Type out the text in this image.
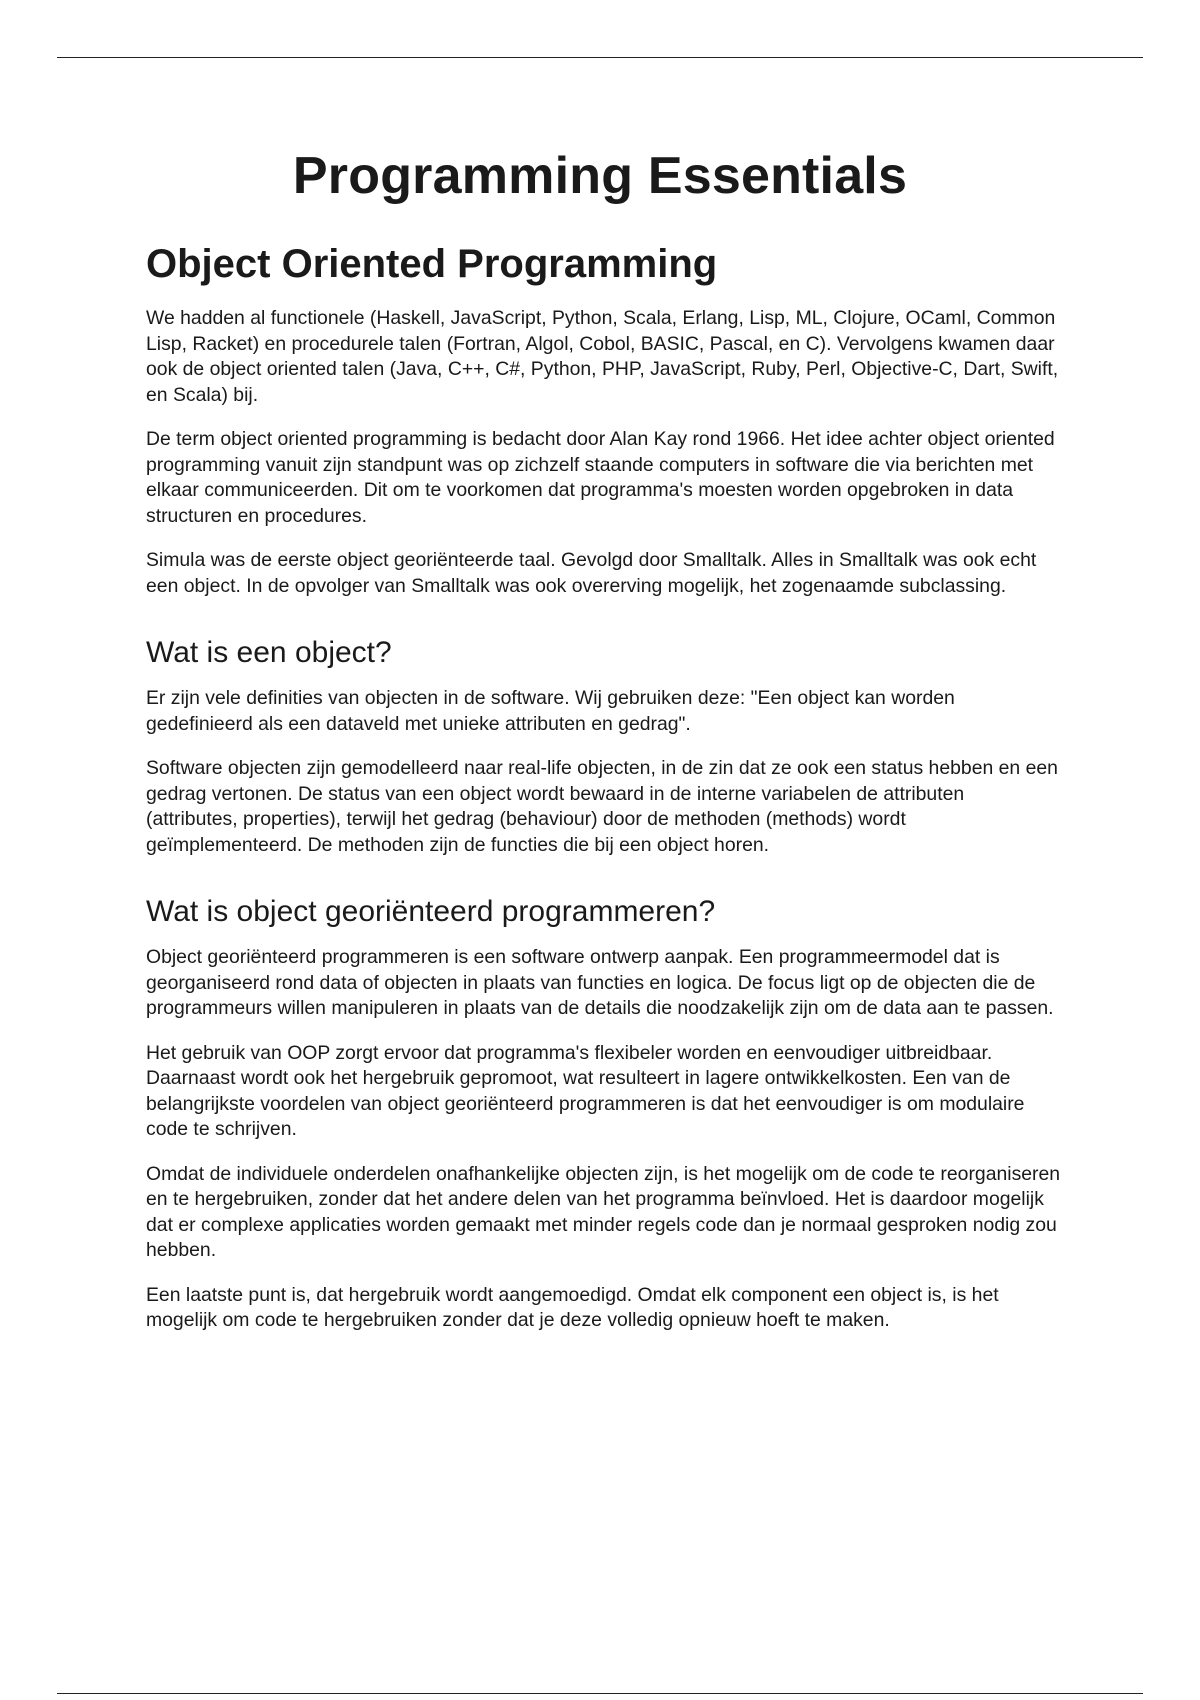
Programming Essentials
Object Oriented Programming

We hadden al functionele (Haskell, JavaScript, Python, Scala, Erlang, Lisp, ML, Clojure, OCaml, Common Lisp, Racket) en procedurele talen (Fortran, Algol, Cobol, BASIC, Pascal, en C). Vervolgens kwamen daar ook de object oriented talen (Java, C++, C#, Python, PHP, JavaScript, Ruby, Perl, Objective-C, Dart, Swift, en Scala) bij.

De term object oriented programming is bedacht door Alan Kay rond 1966. Het idee achter object oriented programming vanuit zijn standpunt was op zichzelf staande computers in software die via berichten met elkaar communiceerden. Dit om te voorkomen dat programma's moesten worden opgebroken in data structuren en procedures.

Simula was de eerste object georiënteerde taal. Gevolgd door Smalltalk. Alles in Smalltalk was ook echt een object. In de opvolger van Smalltalk was ook overerving mogelijk, het zogenaamde subclassing.

Wat is een object?

Er zijn vele definities van objecten in de software. Wij gebruiken deze: "Een object kan worden gedefinieerd als een dataveld met unieke attributen en gedrag".

Software objecten zijn gemodelleerd naar real-life objecten, in de zin dat ze ook een status hebben en een gedrag vertonen. De status van een object wordt bewaard in de interne variabelen de attributen (attributes, properties), terwijl het gedrag (behaviour) door de methoden (methods) wordt geïmplementeerd. De methoden zijn de functies die bij een object horen.

Wat is object georiënteerd programmeren?

Object georiënteerd programmeren is een software ontwerp aanpak. Een programmeermodel dat is georganiseerd rond data of objecten in plaats van functies en logica. De focus ligt op de objecten die de programmeurs willen manipuleren in plaats van de details die noodzakelijk zijn om de data aan te passen.

Het gebruik van OOP zorgt ervoor dat programma's flexibeler worden en eenvoudiger uitbreidbaar. Daarnaast wordt ook het hergebruik gepromoot, wat resulteert in lagere ontwikkelkosten. Een van de belangrijkste voordelen van object georiënteerd programmeren is dat het eenvoudiger is om modulaire code te schrijven.

Omdat de individuele onderdelen onafhankelijke objecten zijn, is het mogelijk om de code te reorganiseren en te hergebruiken, zonder dat het andere delen van het programma beïnvloed. Het is daardoor mogelijk dat er complexe applicaties worden gemaakt met minder regels code dan je normaal gesproken nodig zou hebben.

Een laatste punt is, dat hergebruik wordt aangemoedigd. Omdat elk component een object is, is het mogelijk om code te hergebruiken zonder dat je deze volledig opnieuw hoeft te maken.
